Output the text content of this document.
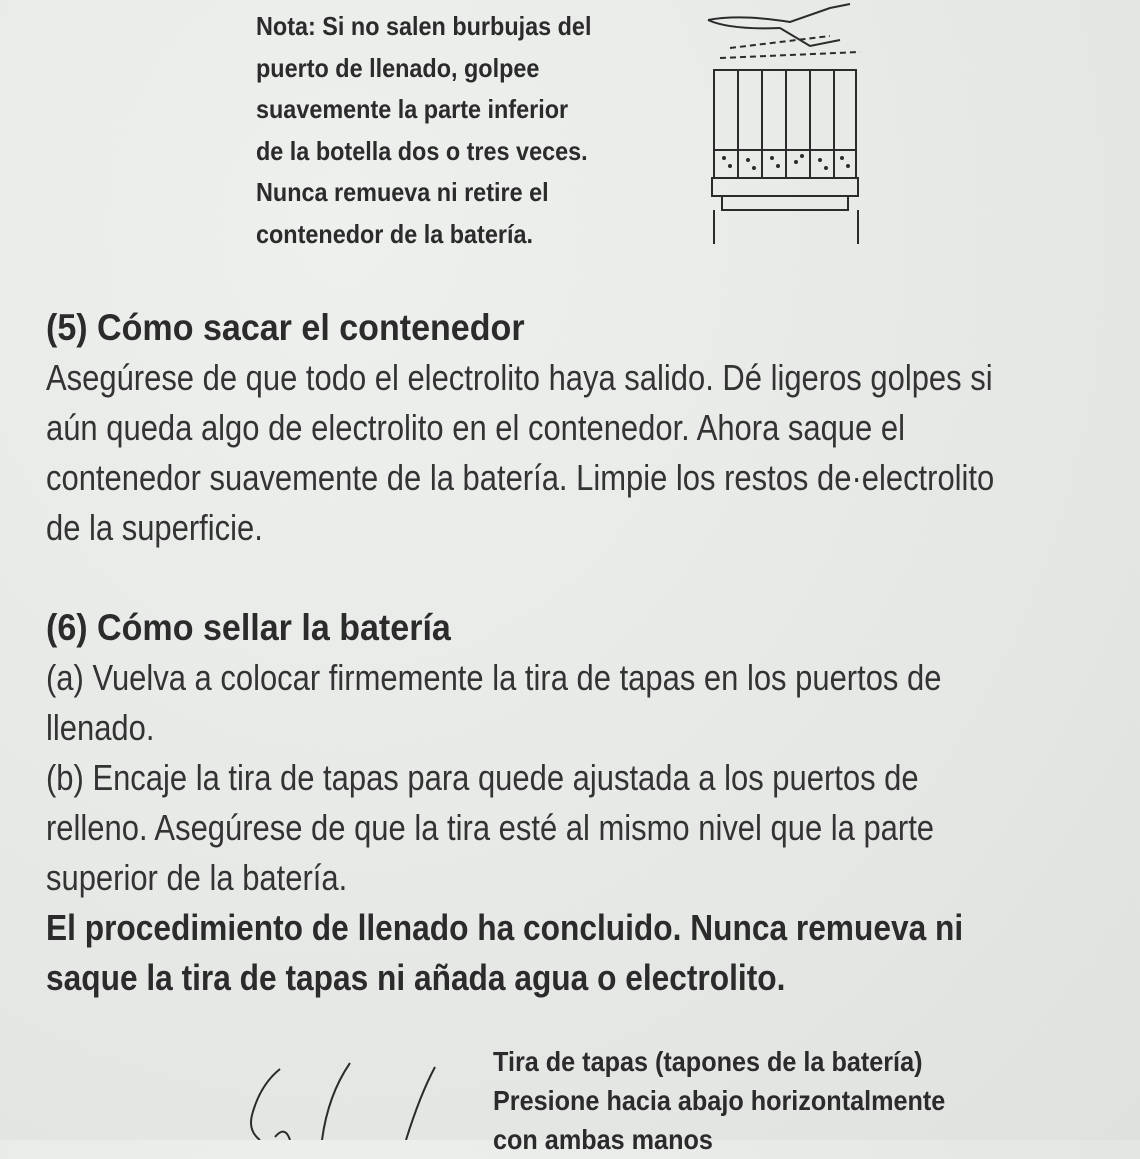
Nota: Si no salen burbujas del
puerto de llenado, golpee
suavemente la parte inferior
de la botella dos o tres veces.
Nunca remueva ni retire el
contenedor de la batería.
(5) Cómo sacar el contenedor
Asegúrese de que todo el electrolito haya salido. Dé ligeros golpes si
aún queda algo de electrolito en el contenedor. Ahora saque el
contenedor suavemente de la batería. Limpie los restos de·electrolito
de la superficie.
(6) Cómo sellar la batería
(a) Vuelva a colocar firmemente la tira de tapas en los puertos de
llenado.
(b) Encaje la tira de tapas para quede ajustada a los puertos de
relleno. Asegúrese de que la tira esté al mismo nivel que la parte
superior de la batería.
El procedimiento de llenado ha concluido. Nunca remueva ni
saque la tira de tapas ni añada agua o electrolito.
Tira de tapas (tapones de la batería)
Presione hacia abajo horizontalmente
con ambas manos
